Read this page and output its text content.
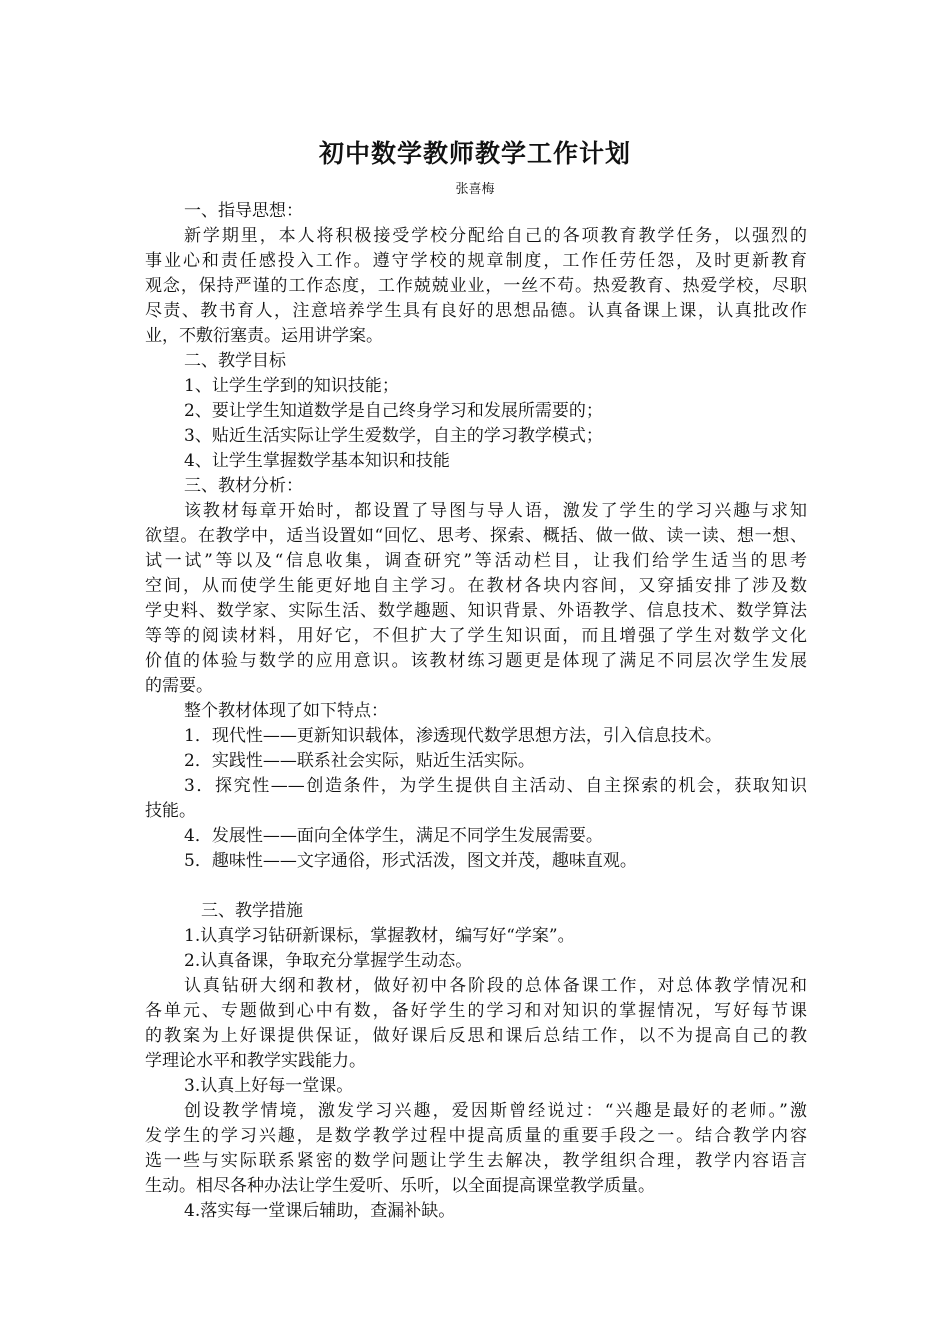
初中数学教师教学工作计划
张喜梅
一、指导思想：
新学期里，本人将积极接受学校分配给自己的各项教育教学任务，以强烈的
事业心和责任感投入工作。遵守学校的规章制度，工作任劳任怨，及时更新教育
观念，保持严谨的工作态度，工作兢兢业业，一丝不苟。热爱教育、热爱学校，尽职
尽责、教书育人，注意培养学生具有良好的思想品德。认真备课上课，认真批改作
业，不敷衍塞责。运用讲学案。
二、教学目标
1、让学生学到的知识技能；
2、要让学生知道数学是自己终身学习和发展所需要的；
3、贴近生活实际让学生爱数学，自主的学习教学模式；
4、让学生掌握数学基本知识和技能
三、教材分析：
该教材每章开始时，都设置了导图与导人语，激发了学生的学习兴趣与求知
欲望。在教学中，适当设置如“回忆、思考、探索、概括、做一做、读一读、想一想、
试一试”等以及“信息收集，调查研究”等活动栏目，让我们给学生适当的思考
空间，从而使学生能更好地自主学习。在教材各块内容间，又穿插安排了涉及数
学史料、数学家、实际生活、数学趣题、知识背景、外语教学、信息技术、数学算法
等等的阅读材料，用好它，不但扩大了学生知识面，而且增强了学生对数学文化
价值的体验与数学的应用意识。该教材练习题更是体现了满足不同层次学生发展
的需要。
整个教材体现了如下特点：
1．现代性——更新知识载体，渗透现代数学思想方法，引入信息技术。
2．实践性——联系社会实际，贴近生活实际。
3．探究性——创造条件，为学生提供自主活动、自主探索的机会，获取知识
技能。
4．发展性——面向全体学生，满足不同学生发展需要。
5．趣味性——文字通俗，形式活泼，图文并茂，趣味直观。
三、教学措施
1.认真学习钻研新课标，掌握教材，编写好“学案”。
2.认真备课，争取充分掌握学生动态。
认真钻研大纲和教材，做好初中各阶段的总体备课工作，对总体教学情况和
各单元、专题做到心中有数，备好学生的学习和对知识的掌握情况，写好每节课
的教案为上好课提供保证，做好课后反思和课后总结工作，以不为提高自己的教
学理论水平和教学实践能力。
3.认真上好每一堂课。
创设教学情境，激发学习兴趣，爱因斯曾经说过：“兴趣是最好的老师。”激
发学生的学习兴趣，是数学教学过程中提高质量的重要手段之一。结合教学内容
选一些与实际联系紧密的数学问题让学生去解决，教学组织合理，教学内容语言
生动。相尽各种办法让学生爱听、乐听，以全面提高课堂教学质量。
4.落实每一堂课后辅助，查漏补缺。
